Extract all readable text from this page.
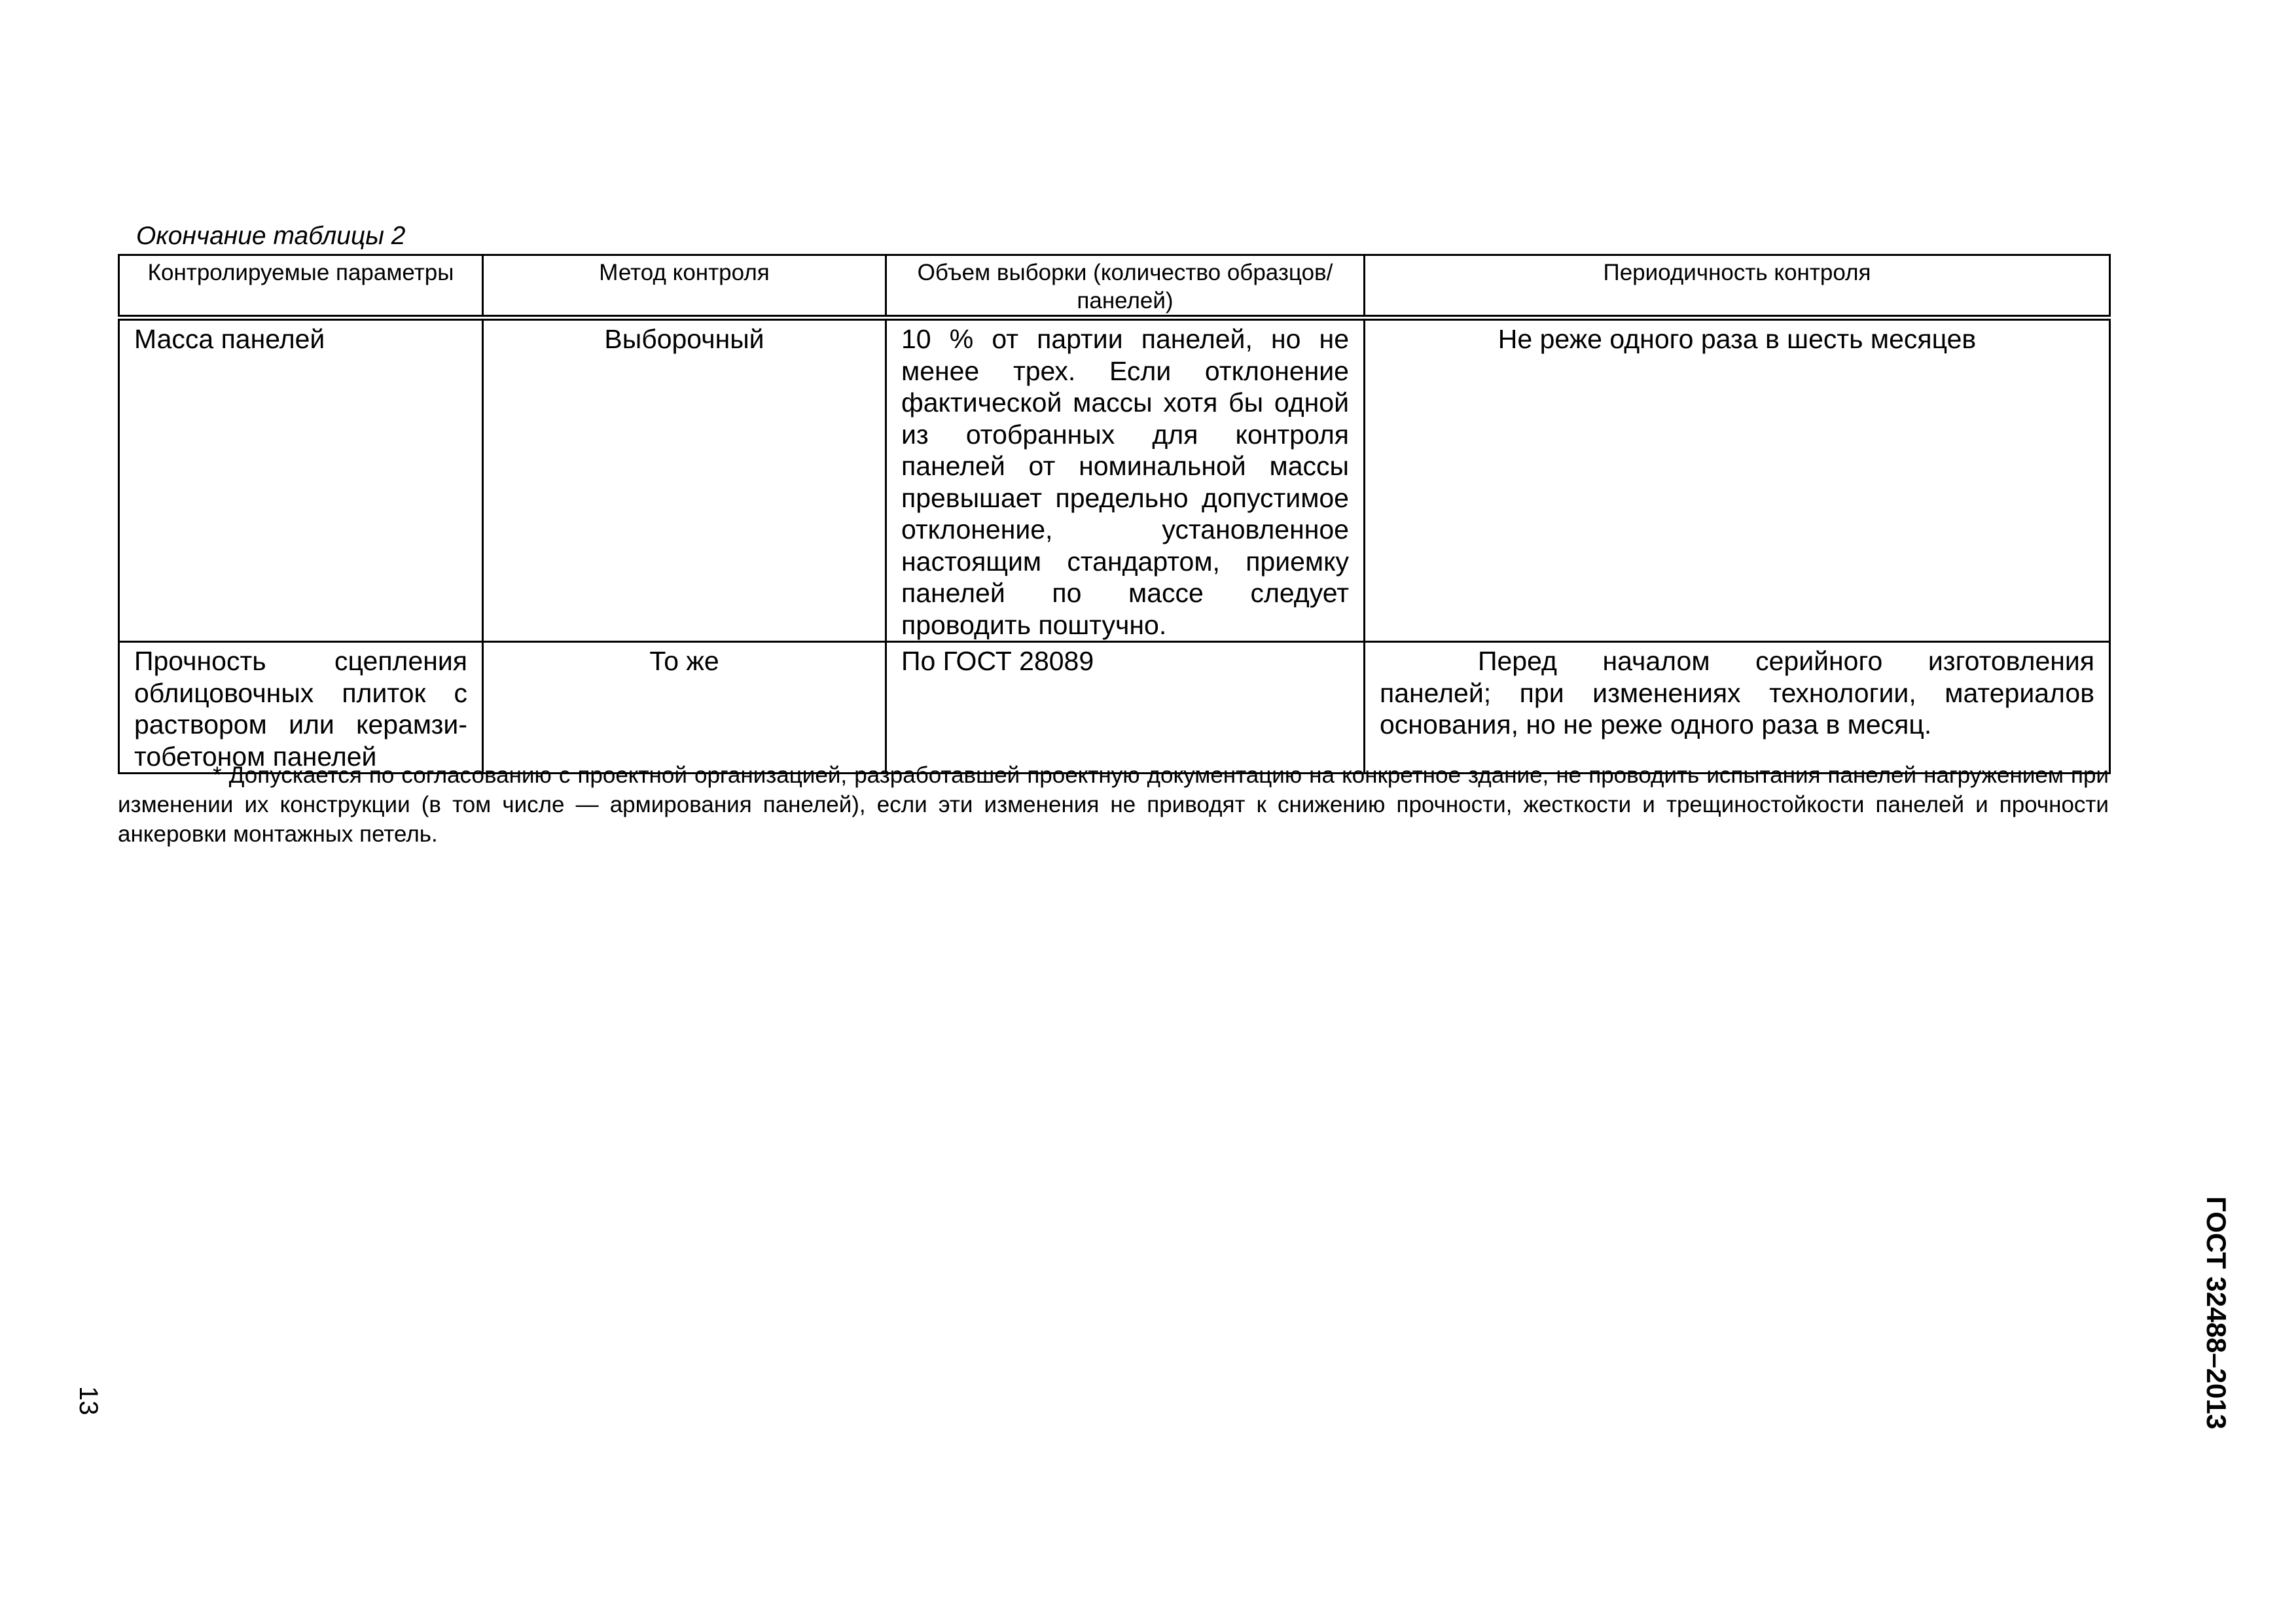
Окончание таблицы 2
Контролируемые параметры	Метод контроля	Объем выборки (количество образцов/панелей)	Периодичность контроля
Масса панелей	Выборочный	10 % от партии панелей, но не менее трех. Если отклонение фактической массы хотя бы одной из отобранных для контроля панелей от номинальной массы превышает предельно допустимое отклонение, установленное настоящим стандартом, приемку панелей по массе следует проводить поштучно.	Не реже одного раза в шесть месяцев
Прочность сцепления облицовочных плиток с раствором или керамзи-тобетоном панелей	То же	По ГОСТ 28089	Перед началом серийного изготовления панелей; при изменениях технологии, материалов основания, но не реже одного раза в месяц.
* Допускается по согласованию с проектной организацией, разработавшей проектную документацию на конкретное здание, не проводить испытания панелей нагружением при изменении их конструкции (в том числе — армирования панелей), если эти изменения не приводят к снижению прочности, жесткости и трещиностойкости панелей и прочности анкеровки монтажных петель.
ГОСТ 32488–2013
13
